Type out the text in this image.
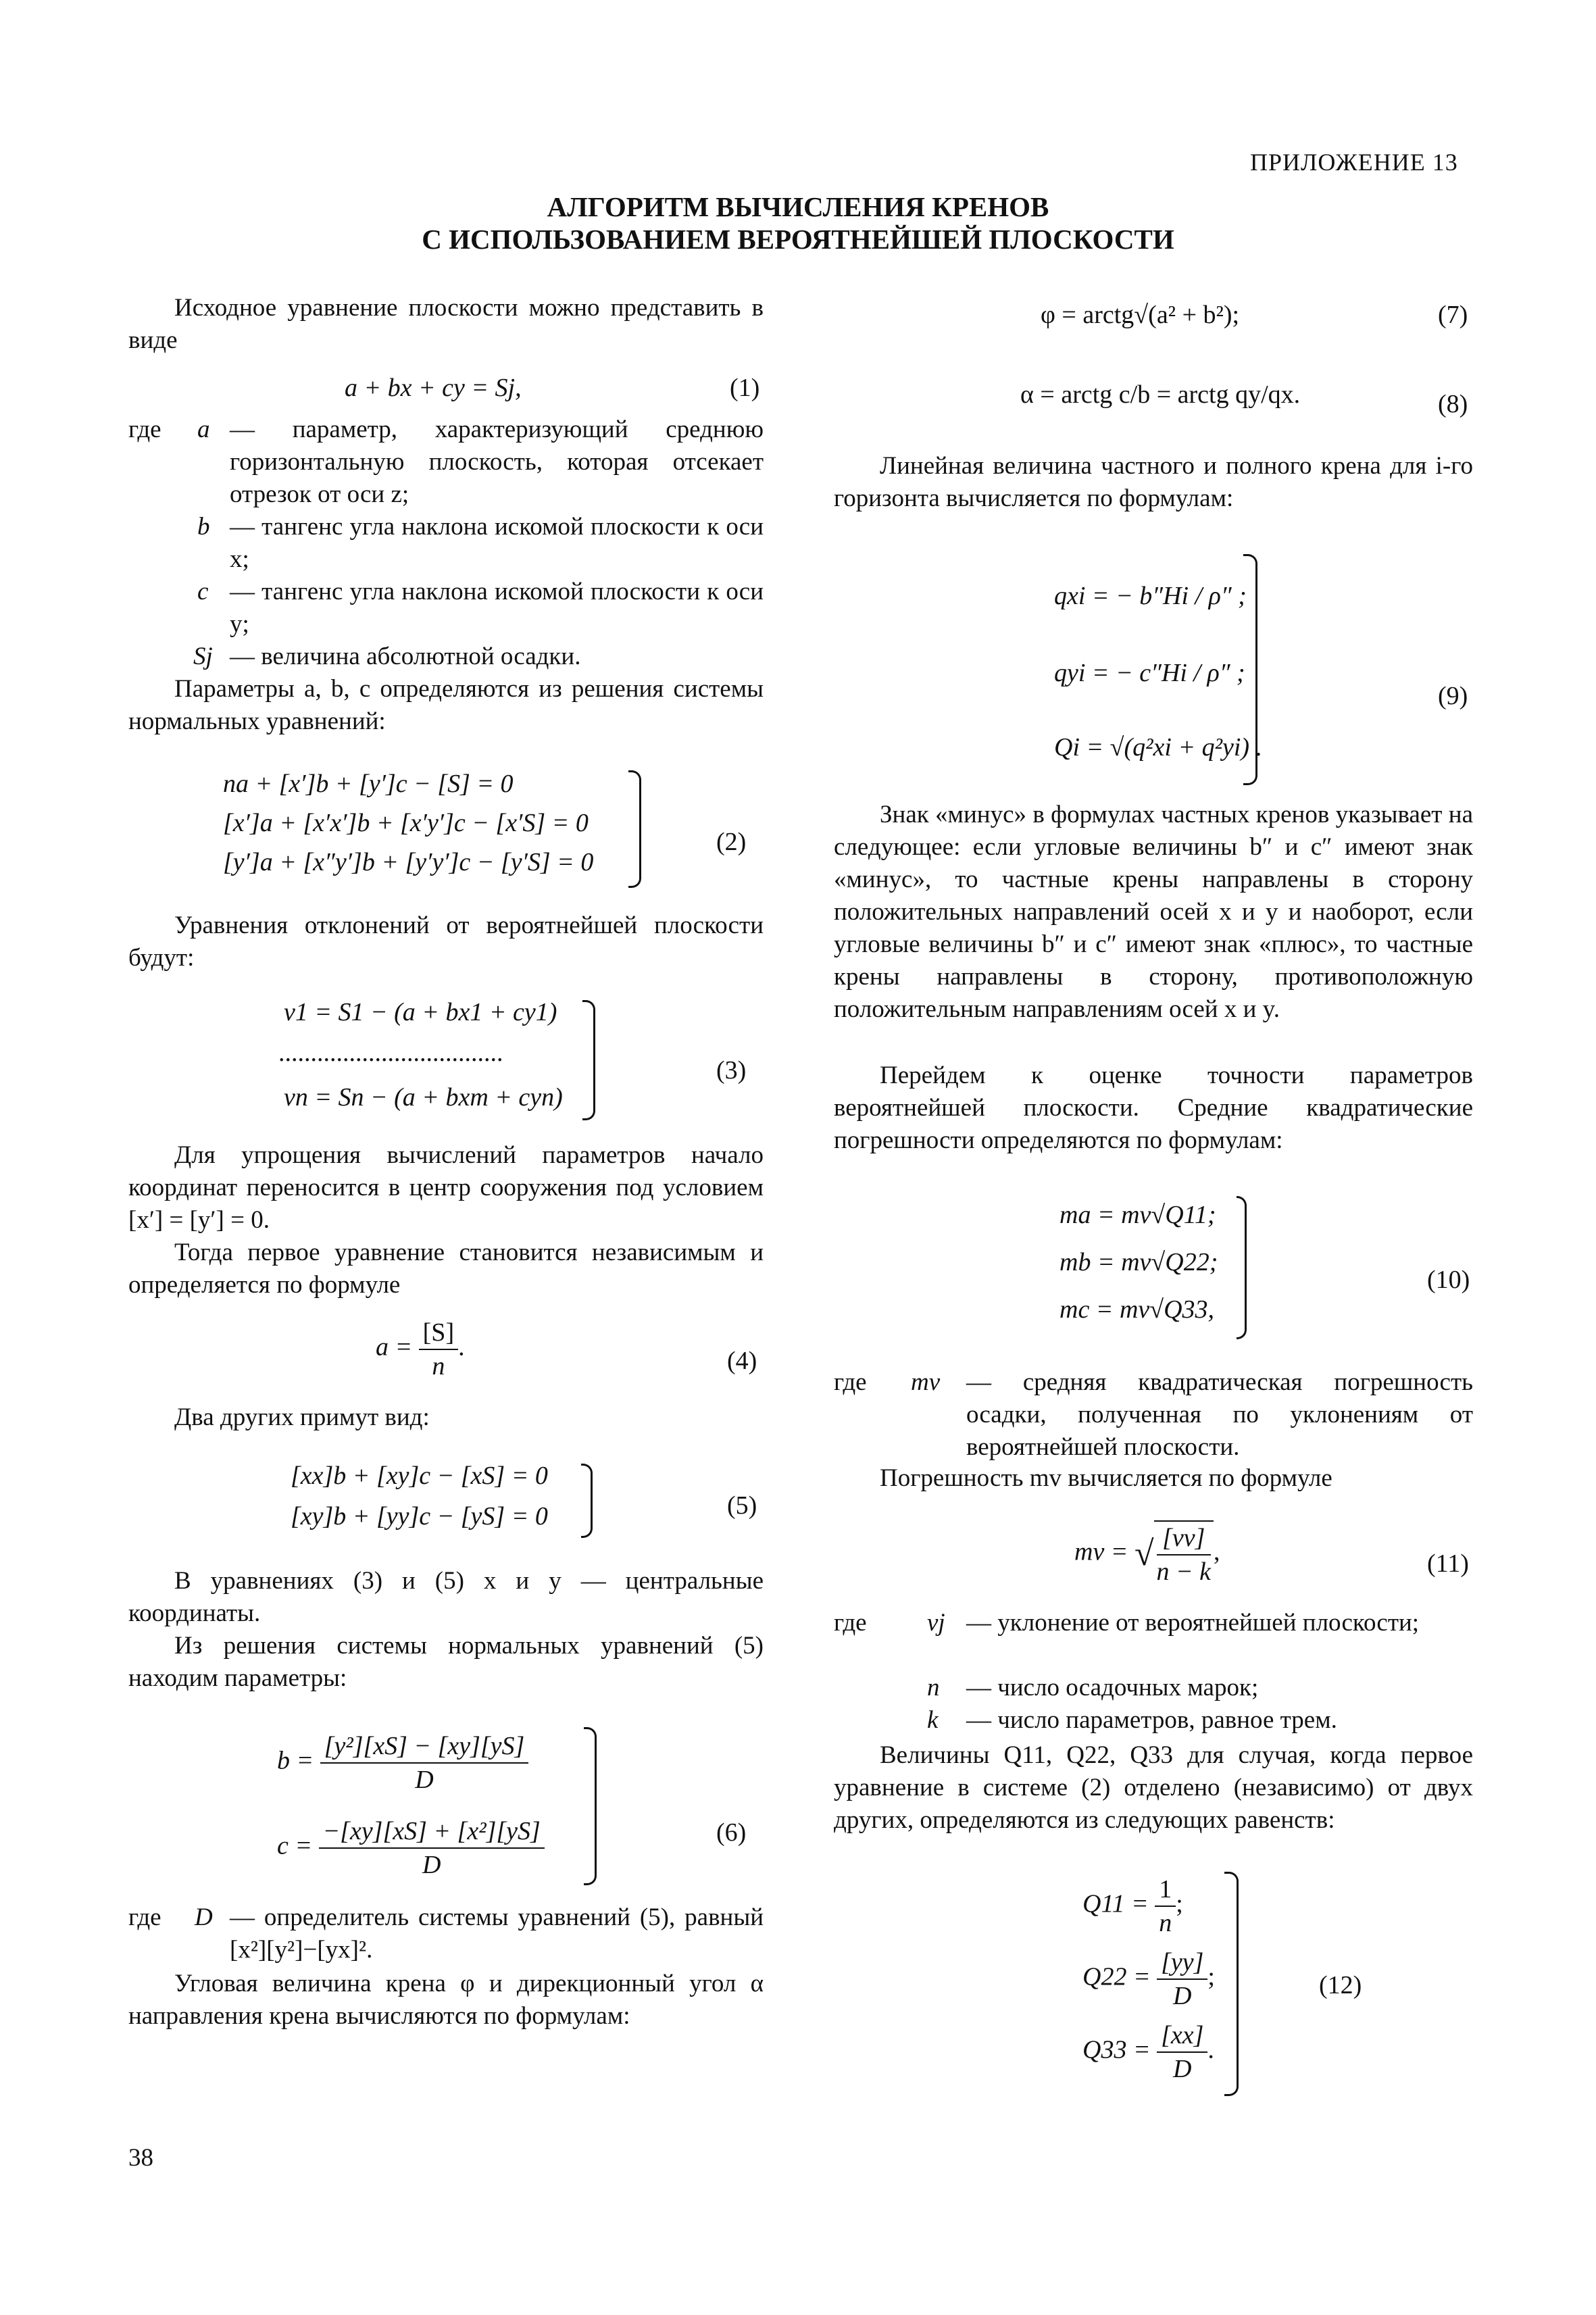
ПРИЛОЖЕНИЕ 13
АЛГОРИТМ ВЫЧИСЛЕНИЯ КРЕНОВ
С ИСПОЛЬЗОВАНИЕМ ВЕРОЯТНЕЙШЕЙ ПЛОСКОСТИ
Исходное уравнение плоскости можно представить в виде
a + bx + cy = Sj,	(1)
где a — параметр, характеризующий среднюю горизонтальную плоскость, которая отсекает отрезок от оси z;
b — тангенс угла наклона искомой плоскости к оси x;
c — тангенс угла наклона искомой плоскости к оси y;
Sj — величина абсолютной осадки.
Параметры a, b, c определяются из решения системы нормальных уравнений:
na + [x′]b + [y′]c − [S] = 0
[x′]a + [x′x′]b + [x′y′]c − [x′S] = 0
[y′]a + [x″y′]b + [y′y′]c − [y′S] = 0
(2)
Уравнения отклонений от вероятнейшей плоскости будут:
v1 = S1 − (a + bx1 + cy1)
...................................
vn = Sn − (a + bxm + cyn)
(3)
Для упрощения вычислений параметров начало координат переносится в центр сооружения под условием [x′] = [y′] = 0.
Тогда первое уравнение становится независимым и определяется по формуле
$a = \frac{[S]}{n}$ .	(4)
Два других примут вид:
[xx]b + [xy]c − [xS] = 0
[xy]b + [yy]c − [yS] = 0	(5)
В уравнениях (3) и (5) x и y — центральные координаты.
Из решения системы нормальных уравнений (5) находим параметры:
$b = \frac{\text{[y²][xS] − [xy][yS]}}{D}$
$c = \frac{\text{−[xy][xS] + [x²][yS]}}{D}$	(6)
где D — определитель системы уравнений (5), равный [x²][y²]−[yx]².
Угловая величина крена φ и дирекционный угол α направления крена вычисляются по формулам:
38
φ = arctg√(a² + b²);	(7)
α = arctg c/b = arctg qy/qx.	(8)
Линейная величина частного и полного крена для i-го горизонта вычисляется по формулам:
qxi = − b″Hi / ρ″ ;
qyi = − c″Hi / ρ″ ;
Qi = √(q²xi + q²yi) .
(9)
Знак «минус» в формулах частных кренов указывает на следующее: если угловые величины b″ и c″ имеют знак «минус», то частные крены направлены в сторону положительных направлений осей x и y и наоборот, если угловые величины b″ и c″ имеют знак «плюс», то частные крены направлены в сторону, противоположную положительным направлениям осей x и y.
Перейдем к оценке точности параметров вероятнейшей плоскости. Средние квадратические погрешности определяются по формулам:
ma = mv√Q11;
mb = mv√Q22;
mc = mv√Q33,
(10)
где mv — средняя квадратическая погрешность осадки, полученная по уклонениям от вероятнейшей плоскости.
Погрешность mv вычисляется по формуле
mv = √ $\frac{[vv]}{n - k}$ ,	(11)
где vj — уклонение от вероятнейшей плоскости;
n — число осадочных марок;
k — число параметров, равное трем.
Величины Q11, Q22, Q33 для случая, когда первое уравнение в системе (2) отделено (независимо) от двух других, определяются из следующих равенств:
$Q11 = \frac{1}{n}$ ;
$Q22 = \frac{[yy]}{D}$ ;
$Q33 = \frac{[xx]}{D}$ .
(12)
